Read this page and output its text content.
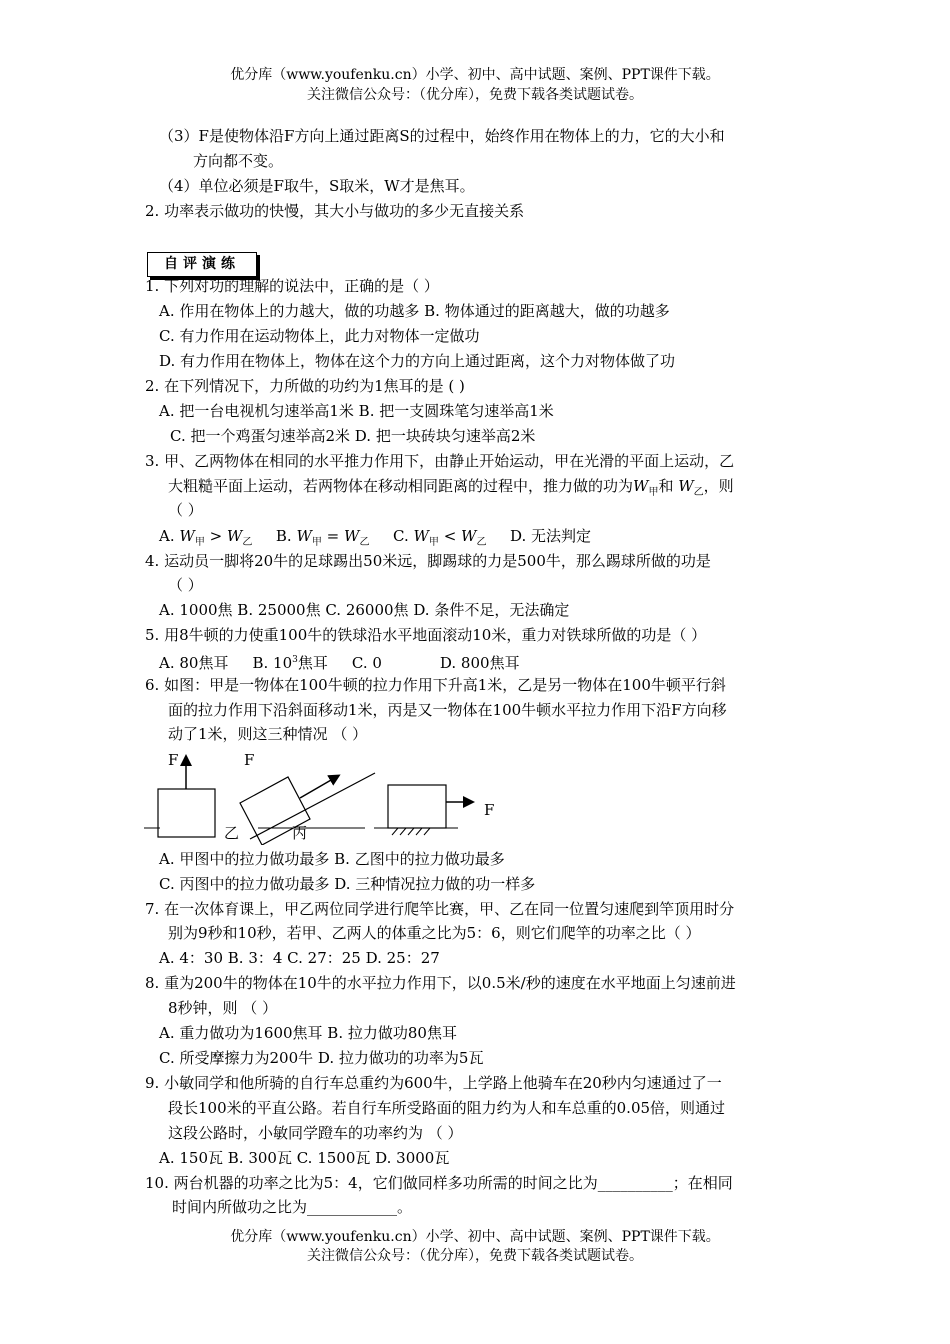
优分库（www.youfenku.cn）小学、初中、高中试题、案例、PPT课件下载。
关注微信公众号：（优分库），免费下载各类试题试卷。
（3）F是使物体沿F方向上通过距离S的过程中，始终作用在物体上的力，它的大小和
方向都不变。
（4）单位必须是F取牛，S取米，W才是焦耳。
2. 功率表示做功的快慢，其大小与做功的多少无直接关系
自评演练
1. 下列对功的理解的说法中，正确的是（ ）
A. 作用在物体上的力越大，做的功越多 B. 物体通过的距离越大，做的功越多
C. 有力作用在运动物体上，此力对物体一定做功
D. 有力作用在物体上，物体在这个力的方向上通过距离，这个力对物体做了功
2. 在下列情况下，力所做的功约为1焦耳的是 ( )
A. 把一台电视机匀速举高1米 B. 把一支圆珠笔匀速举高1米
C. 把一个鸡蛋匀速举高2米 D. 把一块砖块匀速举高2米
3. 甲、乙两物体在相同的水平推力作用下，由静止开始运动，甲在光滑的平面上运动，乙
大粗糙平面上运动，若两物体在移动相同距离的过程中，推力做的功为$W_甲$和 $W_乙$，则
（ ）
A. $W_甲 > W_乙$ B. $W_甲 = W_乙$ C. $W_甲 < W_乙$ D. 无法判定
4. 运动员一脚将20牛的足球踢出50米远，脚踢球的力是500牛，那么踢球所做的功是
（ ）
A. 1000焦 B. 25000焦 C. 26000焦 D. 条件不足，无法确定
5. 用8牛顿的力使重100牛的铁球沿水平地面滚动10米，重力对铁球所做的功是（ ）
A. 80焦耳 B. $10^3$焦耳 C. 0	D. 800焦耳
6. 如图：甲是一物体在100牛顿的拉力作用下升高1米，乙是另一物体在100牛顿平行斜
面的拉力作用下沿斜面移动1米，丙是又一物体在100牛顿水平拉力作用下沿F方向移
动了1米，则这三种情况 （ ）
F
乙
F
丙
F
A. 甲图中的拉力做功最多 B. 乙图中的拉力做功最多
C. 丙图中的拉力做功最多 D. 三种情况拉力做的功一样多
7. 在一次体育课上，甲乙两位同学进行爬竿比赛，甲、乙在同一位置匀速爬到竿顶用时分
别为9秒和10秒，若甲、乙两人的体重之比为5：6，则它们爬竿的功率之比（ ）
A. 4：30 B. 3：4 C. 27：25 D. 25：27
8. 重为200牛的物体在10牛的水平拉力作用下，以0.5米/秒的速度在水平地面上匀速前进
8秒钟，则 （ ）
A. 重力做功为1600焦耳 B. 拉力做功80焦耳
C. 所受摩擦力为200牛 D. 拉力做功的功率为5瓦
9. 小敏同学和他所骑的自行车总重约为600牛，上学路上他骑车在20秒内匀速通过了一
段长100米的平直公路。若自行车所受路面的阻力约为人和车总重的0.05倍，则通过
这段公路时，小敏同学蹬车的功率约为 （ ）
A. 150瓦 B. 300瓦 C. 1500瓦 D. 3000瓦
10. 两台机器的功率之比为5：4，它们做同样多功所需的时间之比为__________；在相同
时间内所做功之比为____________。
优分库（www.youfenku.cn）小学、初中、高中试题、案例、PPT课件下载。
关注微信公众号：（优分库），免费下载各类试题试卷。
